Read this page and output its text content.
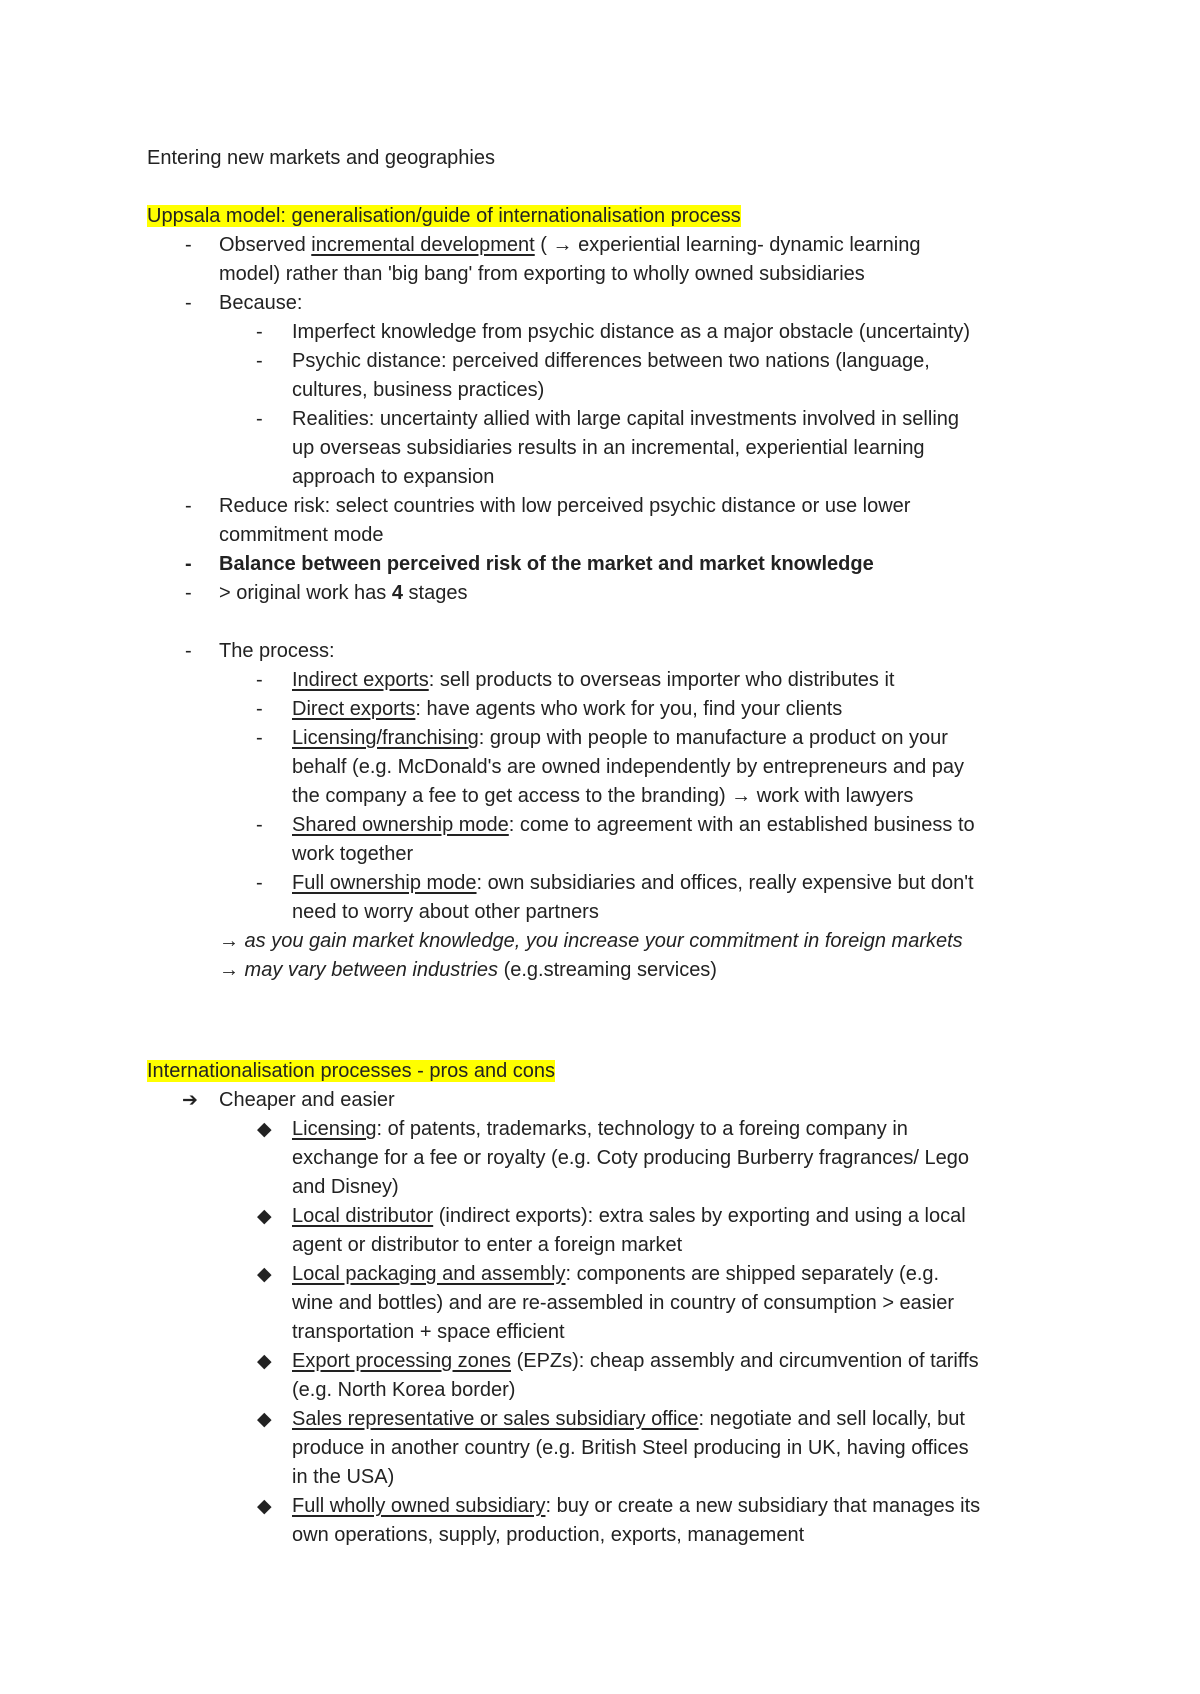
Entering new markets and geographies
Uppsala model: generalisation/guide of internationalisation process
- Observed incremental development ( → experiential learning- dynamic learning
model) rather than 'big bang' from exporting to wholly owned subsidiaries
- Because:
- Imperfect knowledge from psychic distance as a major obstacle (uncertainty)
- Psychic distance: perceived differences between two nations (language,
cultures, business practices)
- Realities: uncertainty allied with large capital investments involved in selling
up overseas subsidiaries results in an incremental, experiential learning
approach to expansion
- Reduce risk: select countries with low perceived psychic distance or use lower
commitment mode
- Balance between perceived risk of the market and market knowledge
- > original work has 4 stages
- The process:
- Indirect exports: sell products to overseas importer who distributes it
- Direct exports: have agents who work for you, find your clients
- Licensing/franchising: group with people to manufacture a product on your
behalf (e.g. McDonald's are owned independently by entrepreneurs and pay
the company a fee to get access to the branding) → work with lawyers
- Shared ownership mode: come to agreement with an established business to
work together
- Full ownership mode: own subsidiaries and offices, really expensive but don't
need to worry about other partners
→ as you gain market knowledge, you increase your commitment in foreign markets
→ may vary between industries (e.g.streaming services)
Internationalisation processes - pros and cons
➔ Cheaper and easier
◆ Licensing: of patents, trademarks, technology to a foreing company in
exchange for a fee or royalty (e.g. Coty producing Burberry fragrances/ Lego
and Disney)
◆ Local distributor (indirect exports): extra sales by exporting and using a local
agent or distributor to enter a foreign market
◆ Local packaging and assembly: components are shipped separately (e.g.
wine and bottles) and are re-assembled in country of consumption > easier
transportation + space efficient
◆ Export processing zones (EPZs): cheap assembly and circumvention of tariffs
(e.g. North Korea border)
◆ Sales representative or sales subsidiary office: negotiate and sell locally, but
produce in another country (e.g. British Steel producing in UK, having offices
in the USA)
◆ Full wholly owned subsidiary: buy or create a new subsidiary that manages its
own operations, supply, production, exports, management
